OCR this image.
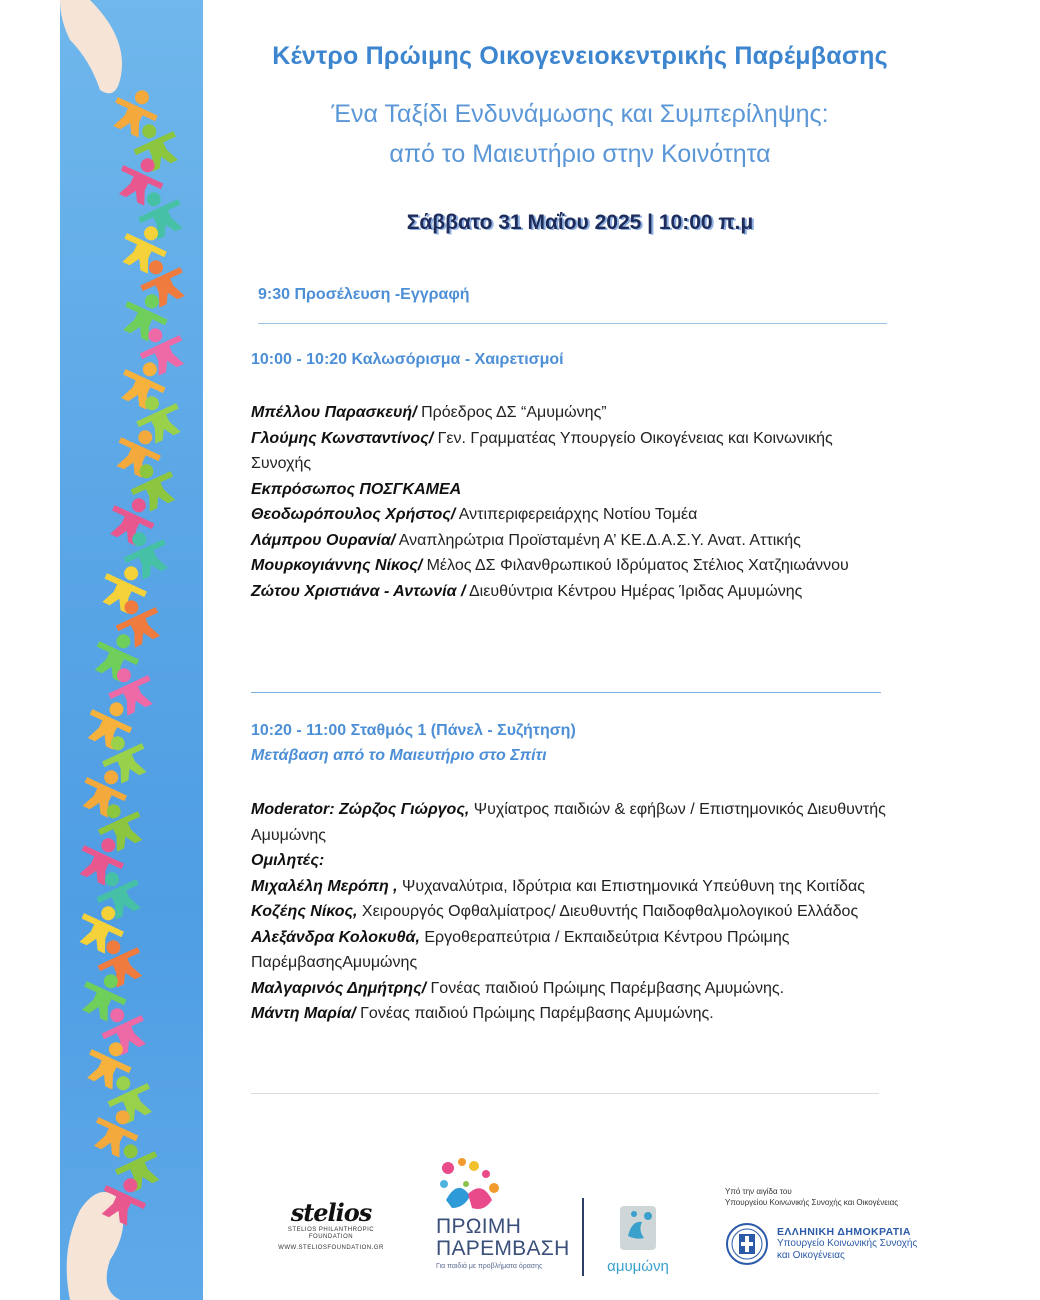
Κέντρο Πρώιμης Οικογενειοκεντρικής Παρέμβασης
Ένα Ταξίδι Ενδυνάμωσης και Συμπερίληψης:
από το Μαιευτήριο στην Κοινότητα
Σάββατο 31 Μαΐου 2025 | 10:00 π.μ
9:30 Προσέλευση -Εγγραφή
10:00 - 10:20 Καλωσόρισμα - Χαιρετισμοί

Μπέλλου Παρασκευή/ Πρόεδρος ΔΣ “Αμυμώνης”

Γλούμης Κωνσταντίνος/ Γεν. Γραμματέας Υπουργείο Οικογένειας και Κοινωνικής Συνοχής

Εκπρόσωπος ΠΟΣΓΚΑΜΕΑ

Θεοδωρόπουλος Χρήστος/ Αντιπεριφερειάρχης Νοτίου Τομέα

Λάμπρου Ουρανία/ Αναπληρώτρια Προϊσταμένη Α’ ΚΕ.Δ.Α.Σ.Υ. Ανατ. Αττικής

Μουρκογιάννης Νίκος/ Μέλος ΔΣ Φιλανθρωπικού Ιδρύματος Στέλιος Χατζηιωάννου

Ζώτου Χριστιάνα - Αντωνία / Διευθύντρια Κέντρου Ημέρας Ίριδας Αμυμώνης

10:20 - 11:00 Σταθμός 1 (Πάνελ - Συζήτηση)
Μετάβαση από το Μαιευτήριο στο Σπίτι

Moderator: Ζώρζος Γιώργος, Ψυχίατρος παιδιών & εφήβων / Επιστημονικός Διευθυντής Αμυμώνης

Ομιλητές:

Μιχαλέλη Μερόπη , Ψυχαναλύτρια, Ιδρύτρια και Επιστημονικά Υπεύθυνη της Κοιτίδας

Κοζέης Νίκος, Χειρουργός Οφθαλμίατρος/ Διευθυντής Παιδοφθαλμολογικού Ελλάδος

Αλεξάνδρα Κολοκυθά, Εργοθεραπεύτρια / Εκπαιδεύτρια Κέντρου Πρώιμης ΠαρέμβασηςΑμυμώνης

Μαλγαρινός Δημήτρης/ Γονέας παιδιού Πρώιμης Παρέμβασης Αμυμώνης.

Μάντη Μαρία/ Γονέας παιδιού Πρώιμης Παρέμβασης Αμυμώνης.

stelios
STELIOS PHILANTHROPIC
FOUNDATION
WWW.STELIOSFOUNDATION.GR
ΠΡΩΙΜΗ
ΠΑΡΕΜΒΑΣΗ
Για παιδιά με προβλήματα όρασης	αμυμώνη
Υπό την αιγίδα του
Υπουργείου Κοινωνικής Συνοχής και Οικογένειας
ΕΛΛΗΝΙΚΗ ΔΗΜΟΚΡΑΤΙΑ
Υπουργείο Κοινωνικής Συνοχής
και Οικογένειας
